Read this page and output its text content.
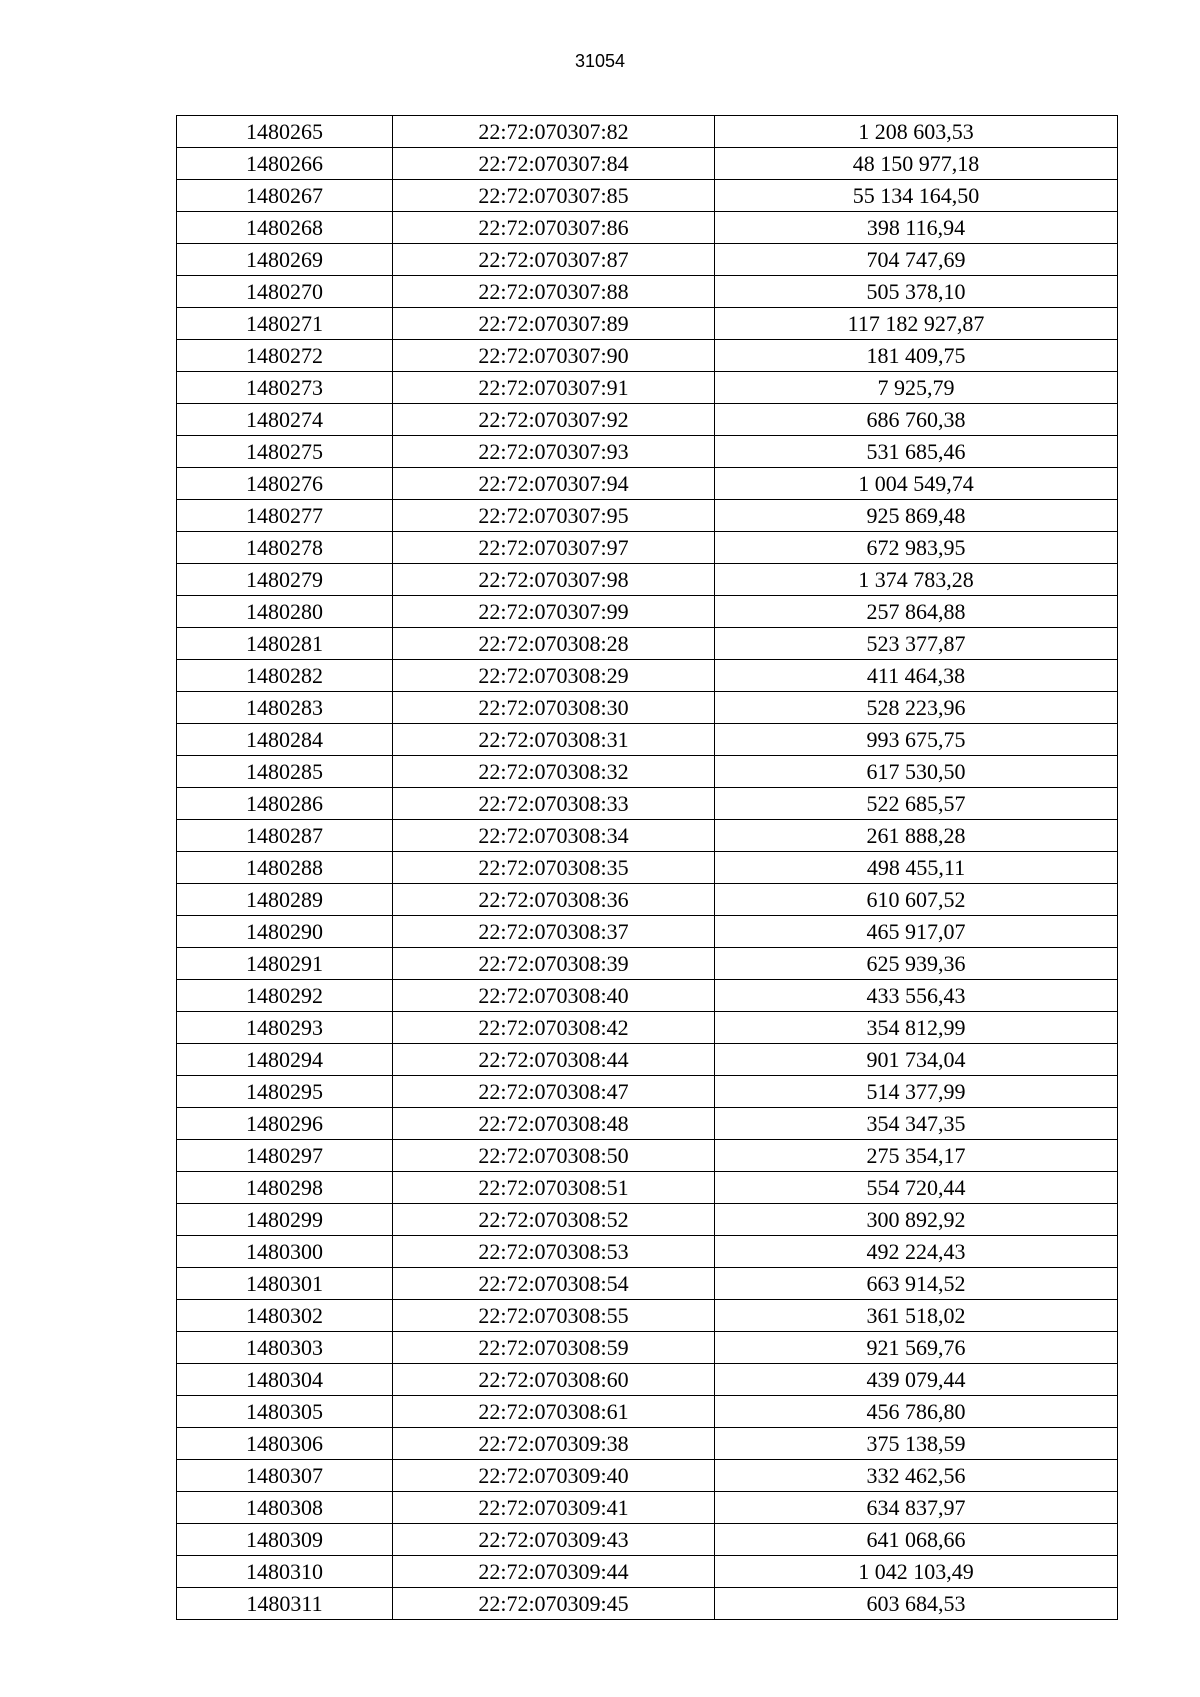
31054
1480265	22:72:070307:82	1 208 603,53
1480266	22:72:070307:84	48 150 977,18
1480267	22:72:070307:85	55 134 164,50
1480268	22:72:070307:86	398 116,94
1480269	22:72:070307:87	704 747,69
1480270	22:72:070307:88	505 378,10
1480271	22:72:070307:89	117 182 927,87
1480272	22:72:070307:90	181 409,75
1480273	22:72:070307:91	7 925,79
1480274	22:72:070307:92	686 760,38
1480275	22:72:070307:93	531 685,46
1480276	22:72:070307:94	1 004 549,74
1480277	22:72:070307:95	925 869,48
1480278	22:72:070307:97	672 983,95
1480279	22:72:070307:98	1 374 783,28
1480280	22:72:070307:99	257 864,88
1480281	22:72:070308:28	523 377,87
1480282	22:72:070308:29	411 464,38
1480283	22:72:070308:30	528 223,96
1480284	22:72:070308:31	993 675,75
1480285	22:72:070308:32	617 530,50
1480286	22:72:070308:33	522 685,57
1480287	22:72:070308:34	261 888,28
1480288	22:72:070308:35	498 455,11
1480289	22:72:070308:36	610 607,52
1480290	22:72:070308:37	465 917,07
1480291	22:72:070308:39	625 939,36
1480292	22:72:070308:40	433 556,43
1480293	22:72:070308:42	354 812,99
1480294	22:72:070308:44	901 734,04
1480295	22:72:070308:47	514 377,99
1480296	22:72:070308:48	354 347,35
1480297	22:72:070308:50	275 354,17
1480298	22:72:070308:51	554 720,44
1480299	22:72:070308:52	300 892,92
1480300	22:72:070308:53	492 224,43
1480301	22:72:070308:54	663 914,52
1480302	22:72:070308:55	361 518,02
1480303	22:72:070308:59	921 569,76
1480304	22:72:070308:60	439 079,44
1480305	22:72:070308:61	456 786,80
1480306	22:72:070309:38	375 138,59
1480307	22:72:070309:40	332 462,56
1480308	22:72:070309:41	634 837,97
1480309	22:72:070309:43	641 068,66
1480310	22:72:070309:44	1 042 103,49
1480311	22:72:070309:45	603 684,53
